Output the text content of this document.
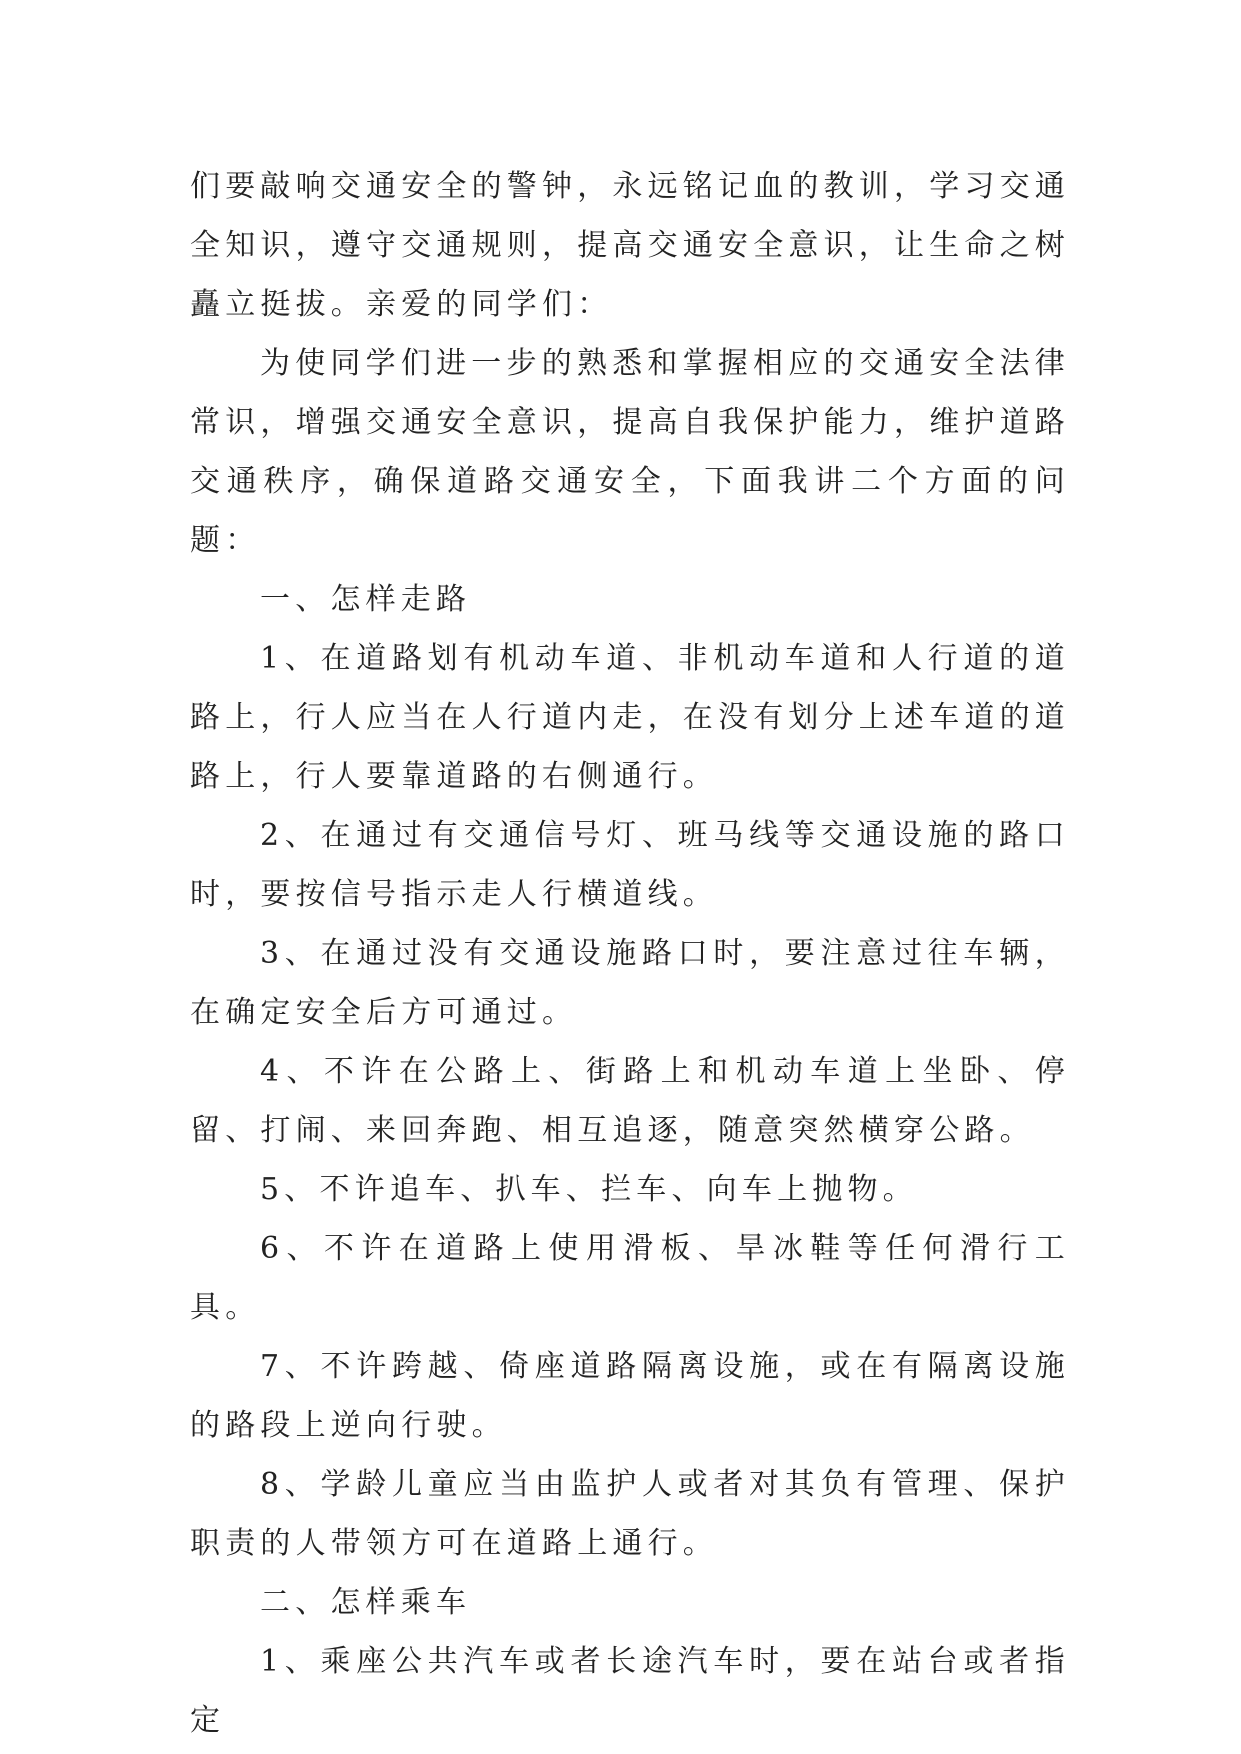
们要敲响交通安全的警钟，永远铭记血的教训，学习交通全知识，遵守交通规则，提高交通安全意识，让生命之树矗立挺拔。亲爱的同学们：

为使同学们进一步的熟悉和掌握相应的交通安全法律常识，增强交通安全意识，提高自我保护能力，维护道路交通秩序，确保道路交通安全，下面我讲二个方面的问题：

一、怎样走路

1、在道路划有机动车道、非机动车道和人行道的道路上，行人应当在人行道内走，在没有划分上述车道的道路上，行人要靠道路的右侧通行。

2、在通过有交通信号灯、班马线等交通设施的路口时，要按信号指示走人行横道线。

3、在通过没有交通设施路口时，要注意过往车辆，在确定安全后方可通过。

4、不许在公路上、街路上和机动车道上坐卧、停留、打闹、来回奔跑、相互追逐，随意突然横穿公路。

5、不许追车、扒车、拦车、向车上抛物。

6、不许在道路上使用滑板、旱冰鞋等任何滑行工具。

7、不许跨越、倚座道路隔离设施，或在有隔离设施的路段上逆向行驶。

8、学龄儿童应当由监护人或者对其负有管理、保护职责的人带领方可在道路上通行。

二、怎样乘车

1、乘座公共汽车或者长途汽车时，要在站台或者指定
